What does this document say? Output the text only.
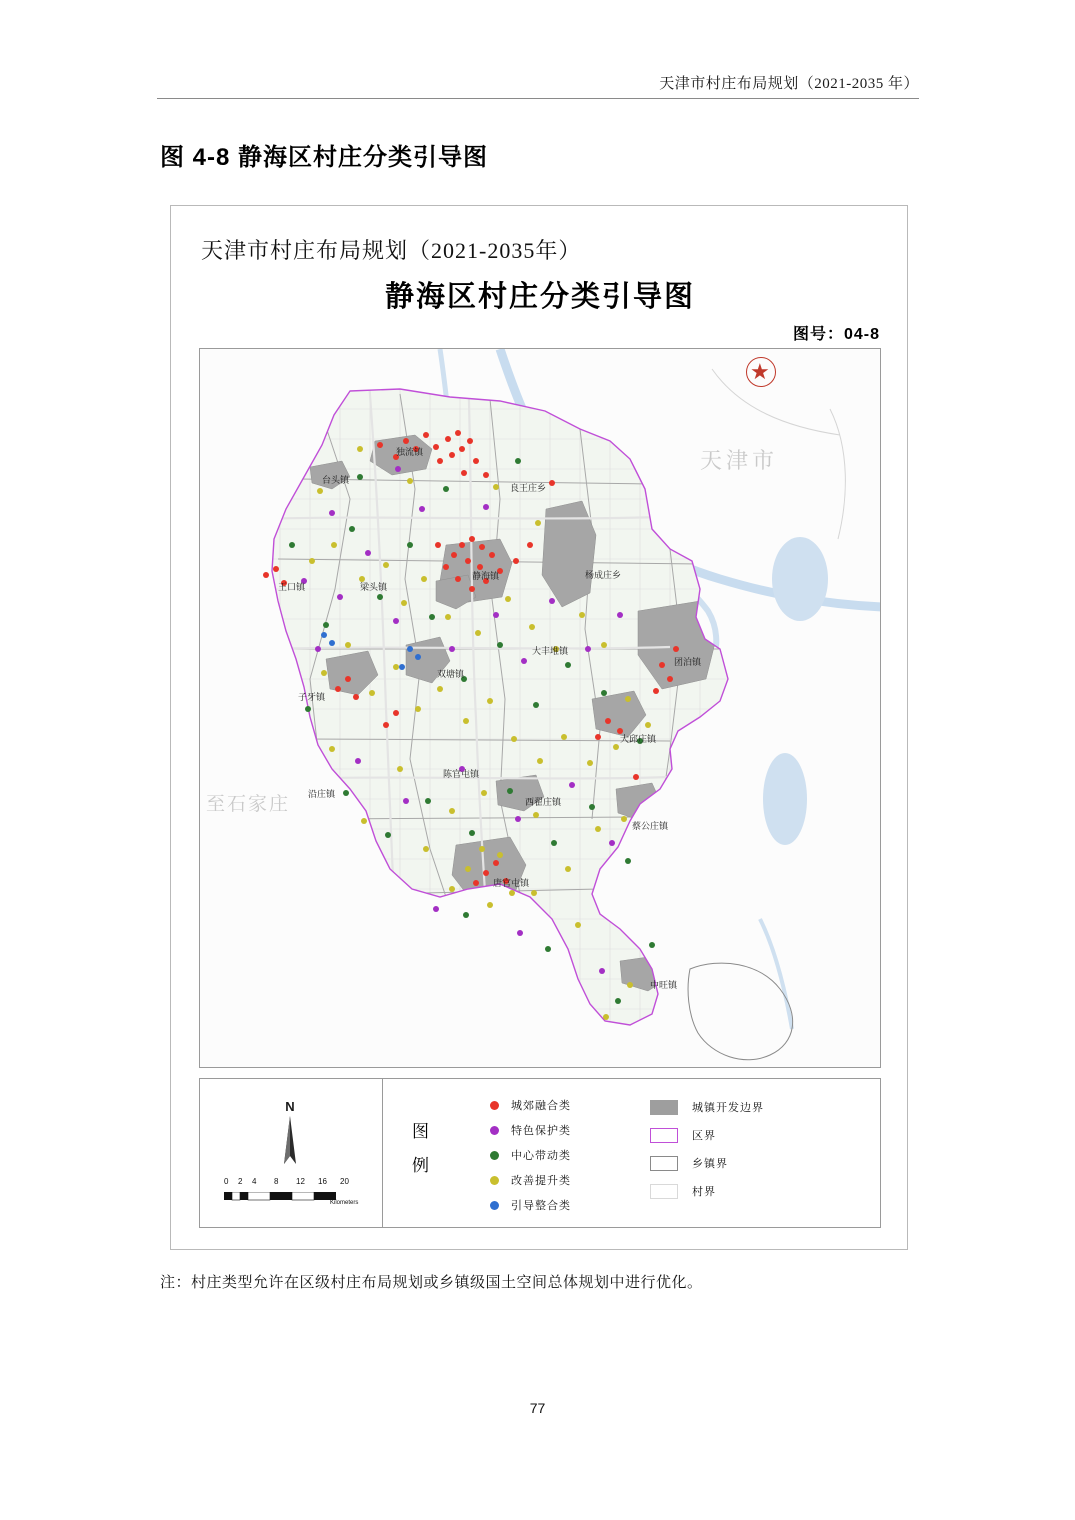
天津市村庄布局规划（2021-2035 年）
图 4-8 静海区村庄分类引导图
天津市村庄布局规划（2021-2035年）
静海区村庄分类引导图
图号：04-8
★
天津市
至石家庄
独流镇
台头镇
良王庄乡
静海镇	杨成庄乡
梁头镇
王口镇
大丰堆镇
团泊镇
双塘镇
子牙镇
大邱庄镇
陈官屯镇
沿庄镇
西翟庄镇
蔡公庄镇
唐官屯镇
中旺镇
N
0 2 4 8 12 16 20
Kilometers
图
例
城郊融合类
特色保护类
中心带动类
改善提升类
引导整合类
城镇开发边界
区界
乡镇界
村界
注：村庄类型允许在区级村庄布局规划或乡镇级国土空间总体规划中进行优化。
77
